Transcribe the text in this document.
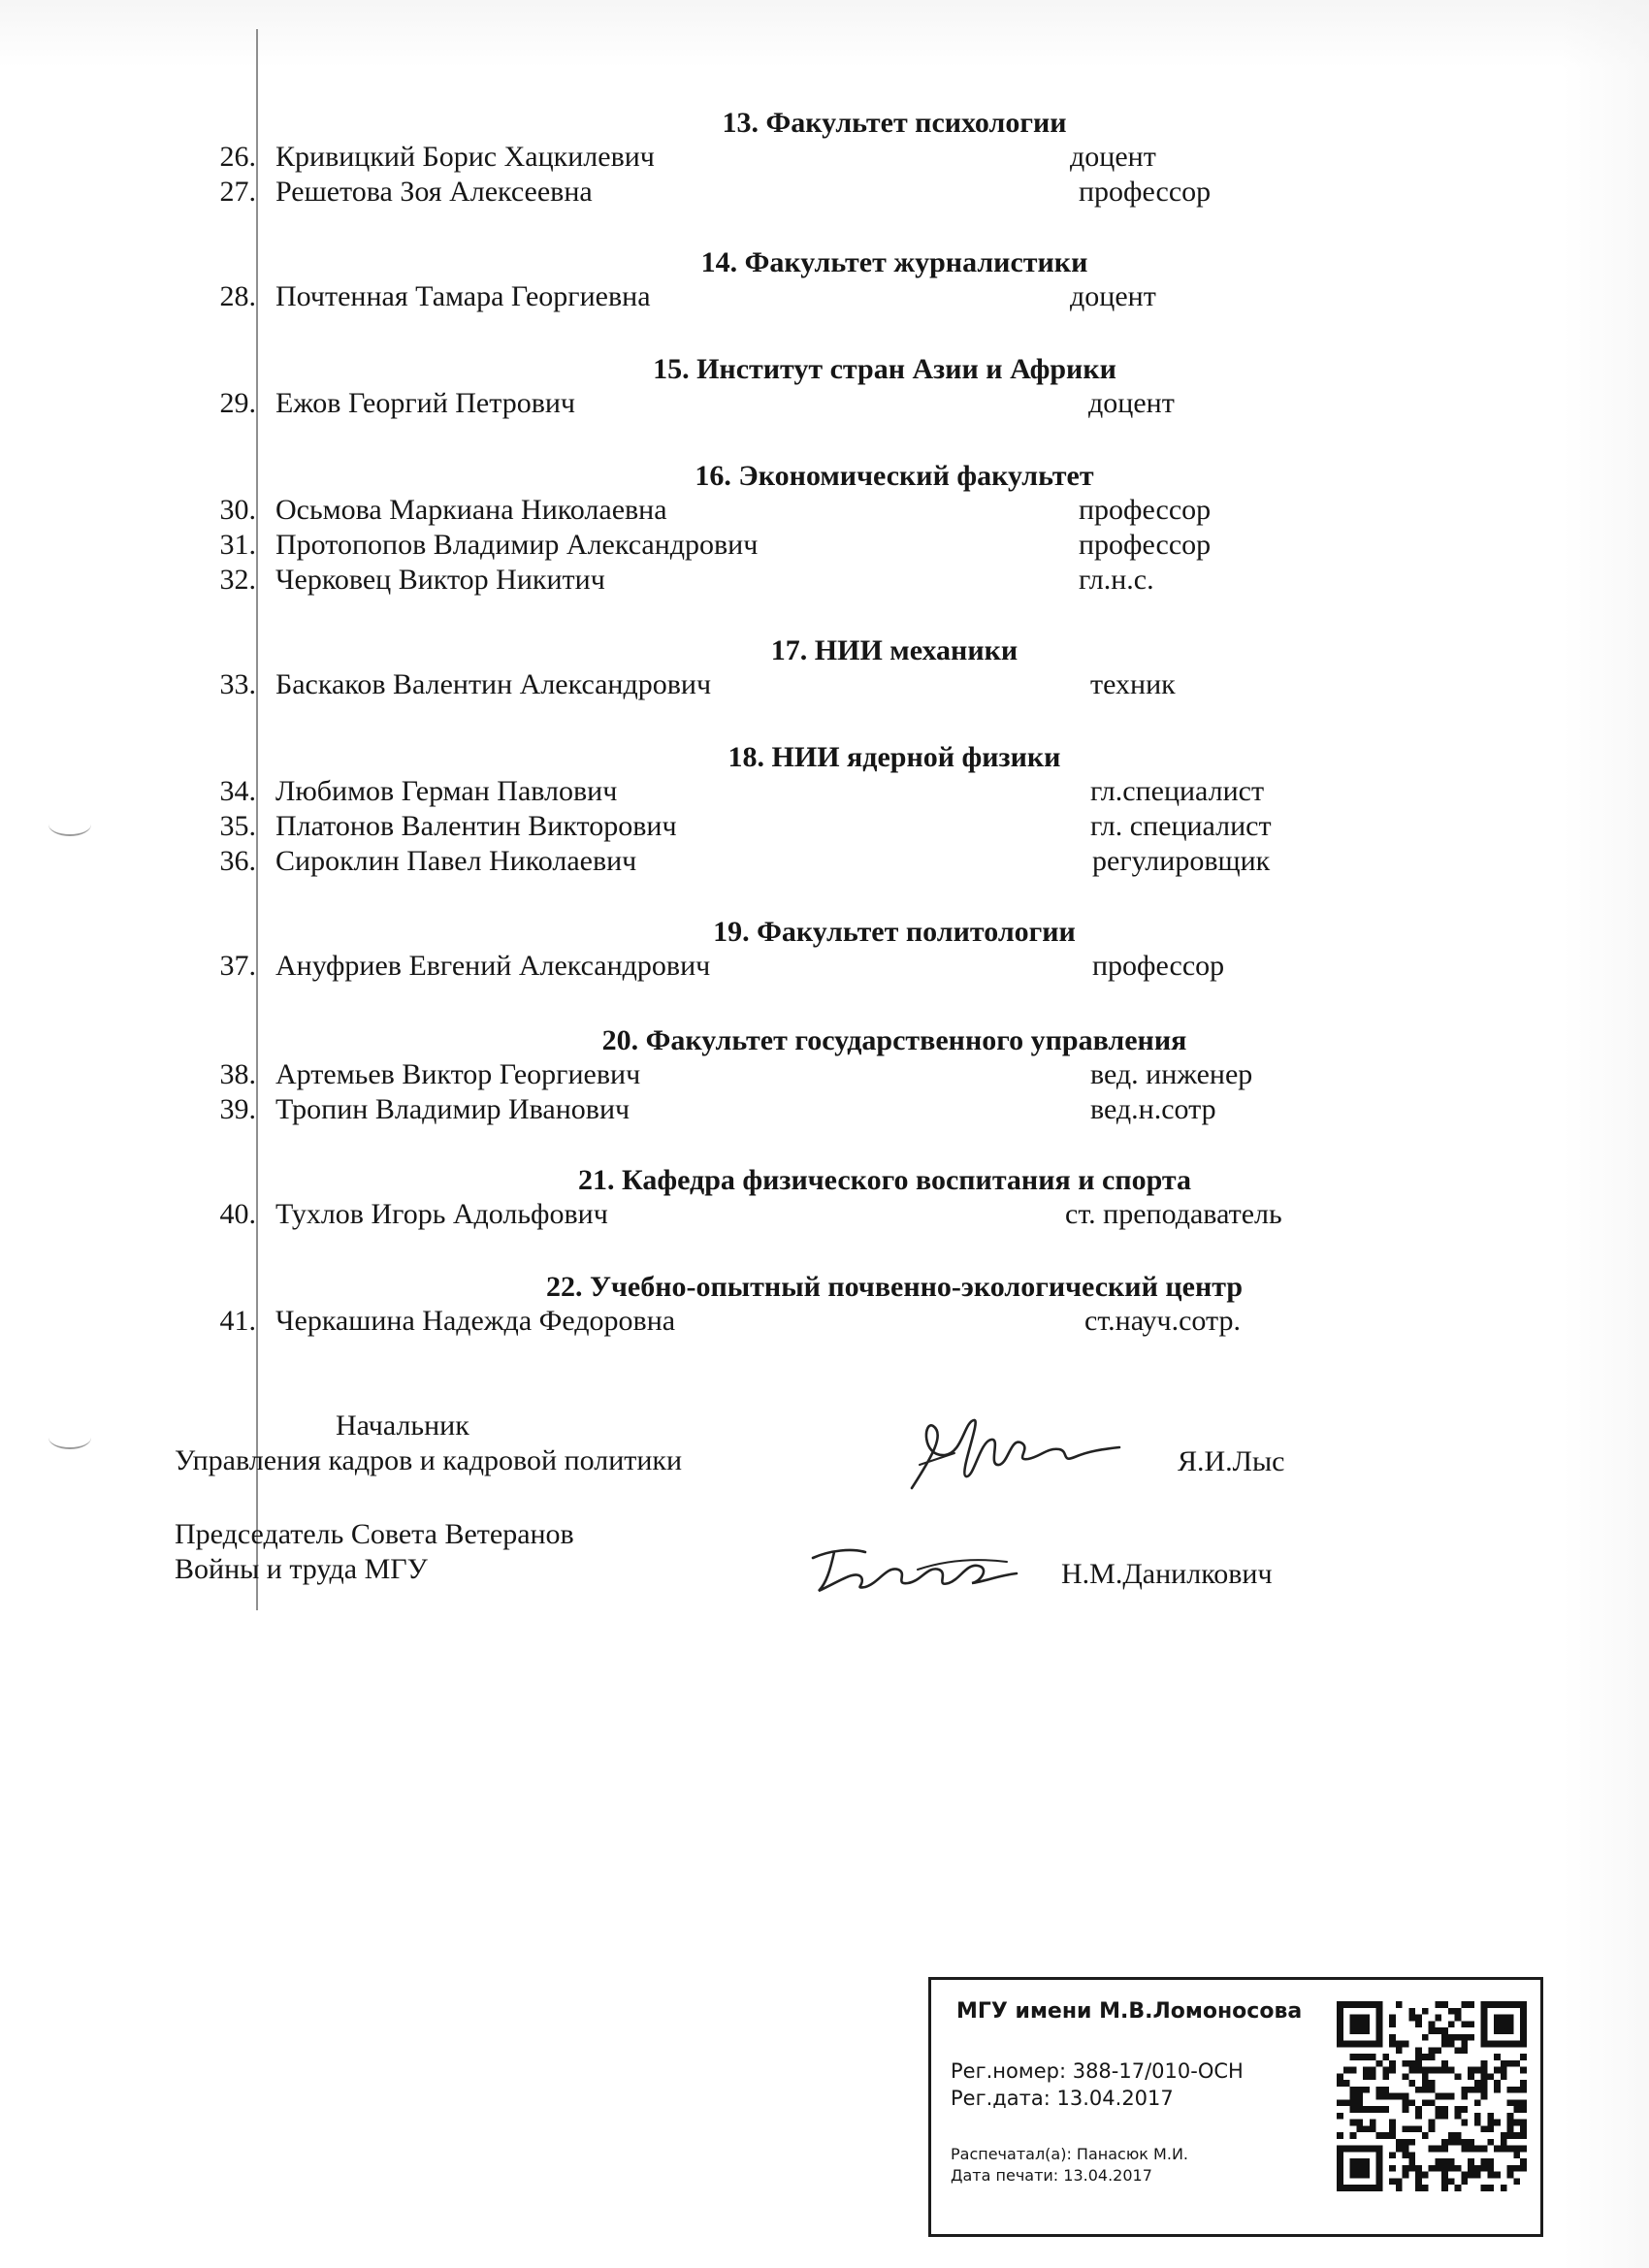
13. Факультет психологии
26. Кривицкий Борис Хацкилевич	доцент
27. Решетова Зоя Алексеевна	профессор
14. Факультет журналистики
28. Почтенная Тамара Георгиевна	доцент
15. Институт стран Азии и Африки
29. Ежов Георгий Петрович	доцент
16. Экономический факультет
30. Осьмова Маркиана Николаевна	профессор
31. Протопопов Владимир Александрович	профессор
32. Черковец Виктор Никитич	гл.н.с.
17. НИИ механики
33. Баскаков Валентин Александрович	техник
18. НИИ ядерной физики
34. Любимов Герман Павлович	гл.специалист
35. Платонов Валентин Викторович	гл. специалист
36. Сироклин Павел Николаевич	регулировщик
19. Факультет политологии
37. Ануфриев Евгений Александрович	профессор
20. Факультет государственного управления
38. Артемьев Виктор Георгиевич	вед. инженер
39. Тропин Владимир Иванович	вед.н.сотр
21. Кафедра физического воспитания и спорта
40. Тухлов Игорь Адольфович	ст. преподаватель
22. Учебно-опытный почвенно-экологический центр
41. Черкашина Надежда Федоровна	ст.науч.сотр.
Начальник
Управления кадров и кадровой политики	Я.И.Лыс
Председатель Совета Ветеранов
Войны и труда МГУ	Н.М.Данилкович
МГУ имени М.В.Ломоносова
Рег.номер: 388-17/010-ОСН
Рег.дата: 13.04.2017
Распечатал(а): Панасюк М.И.
Дата печати: 13.04.2017
